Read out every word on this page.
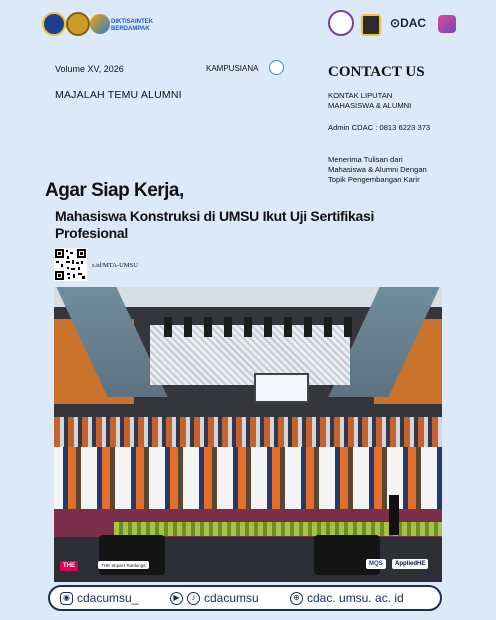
DIKTISAINTEK
BERDAMPAK	⊙DAC
Volume XV, 2026	KAMPUSIANA
MAJALAH TEMU ALUMNI
CONTACT US
KONTAK LIPUTAN MAHASISWA & ALUMNI
Admin CDAC : 0813 6223 373
Menerima Tulisan dari Mahasiswa & Alumni Dengan Topik Pengembangan Karir
Agar Siap Kerja,
Mahasiswa Konstruksi di UMSU Ikut Uji Sertifikasi Profesional
s.id/MTA-UMSU
THE	THE Impact Rankings	MQS	AppliedHE
◉ cdacumsu_	▶	♪ cdacumsu	⊕ cdac. umsu. ac. id
